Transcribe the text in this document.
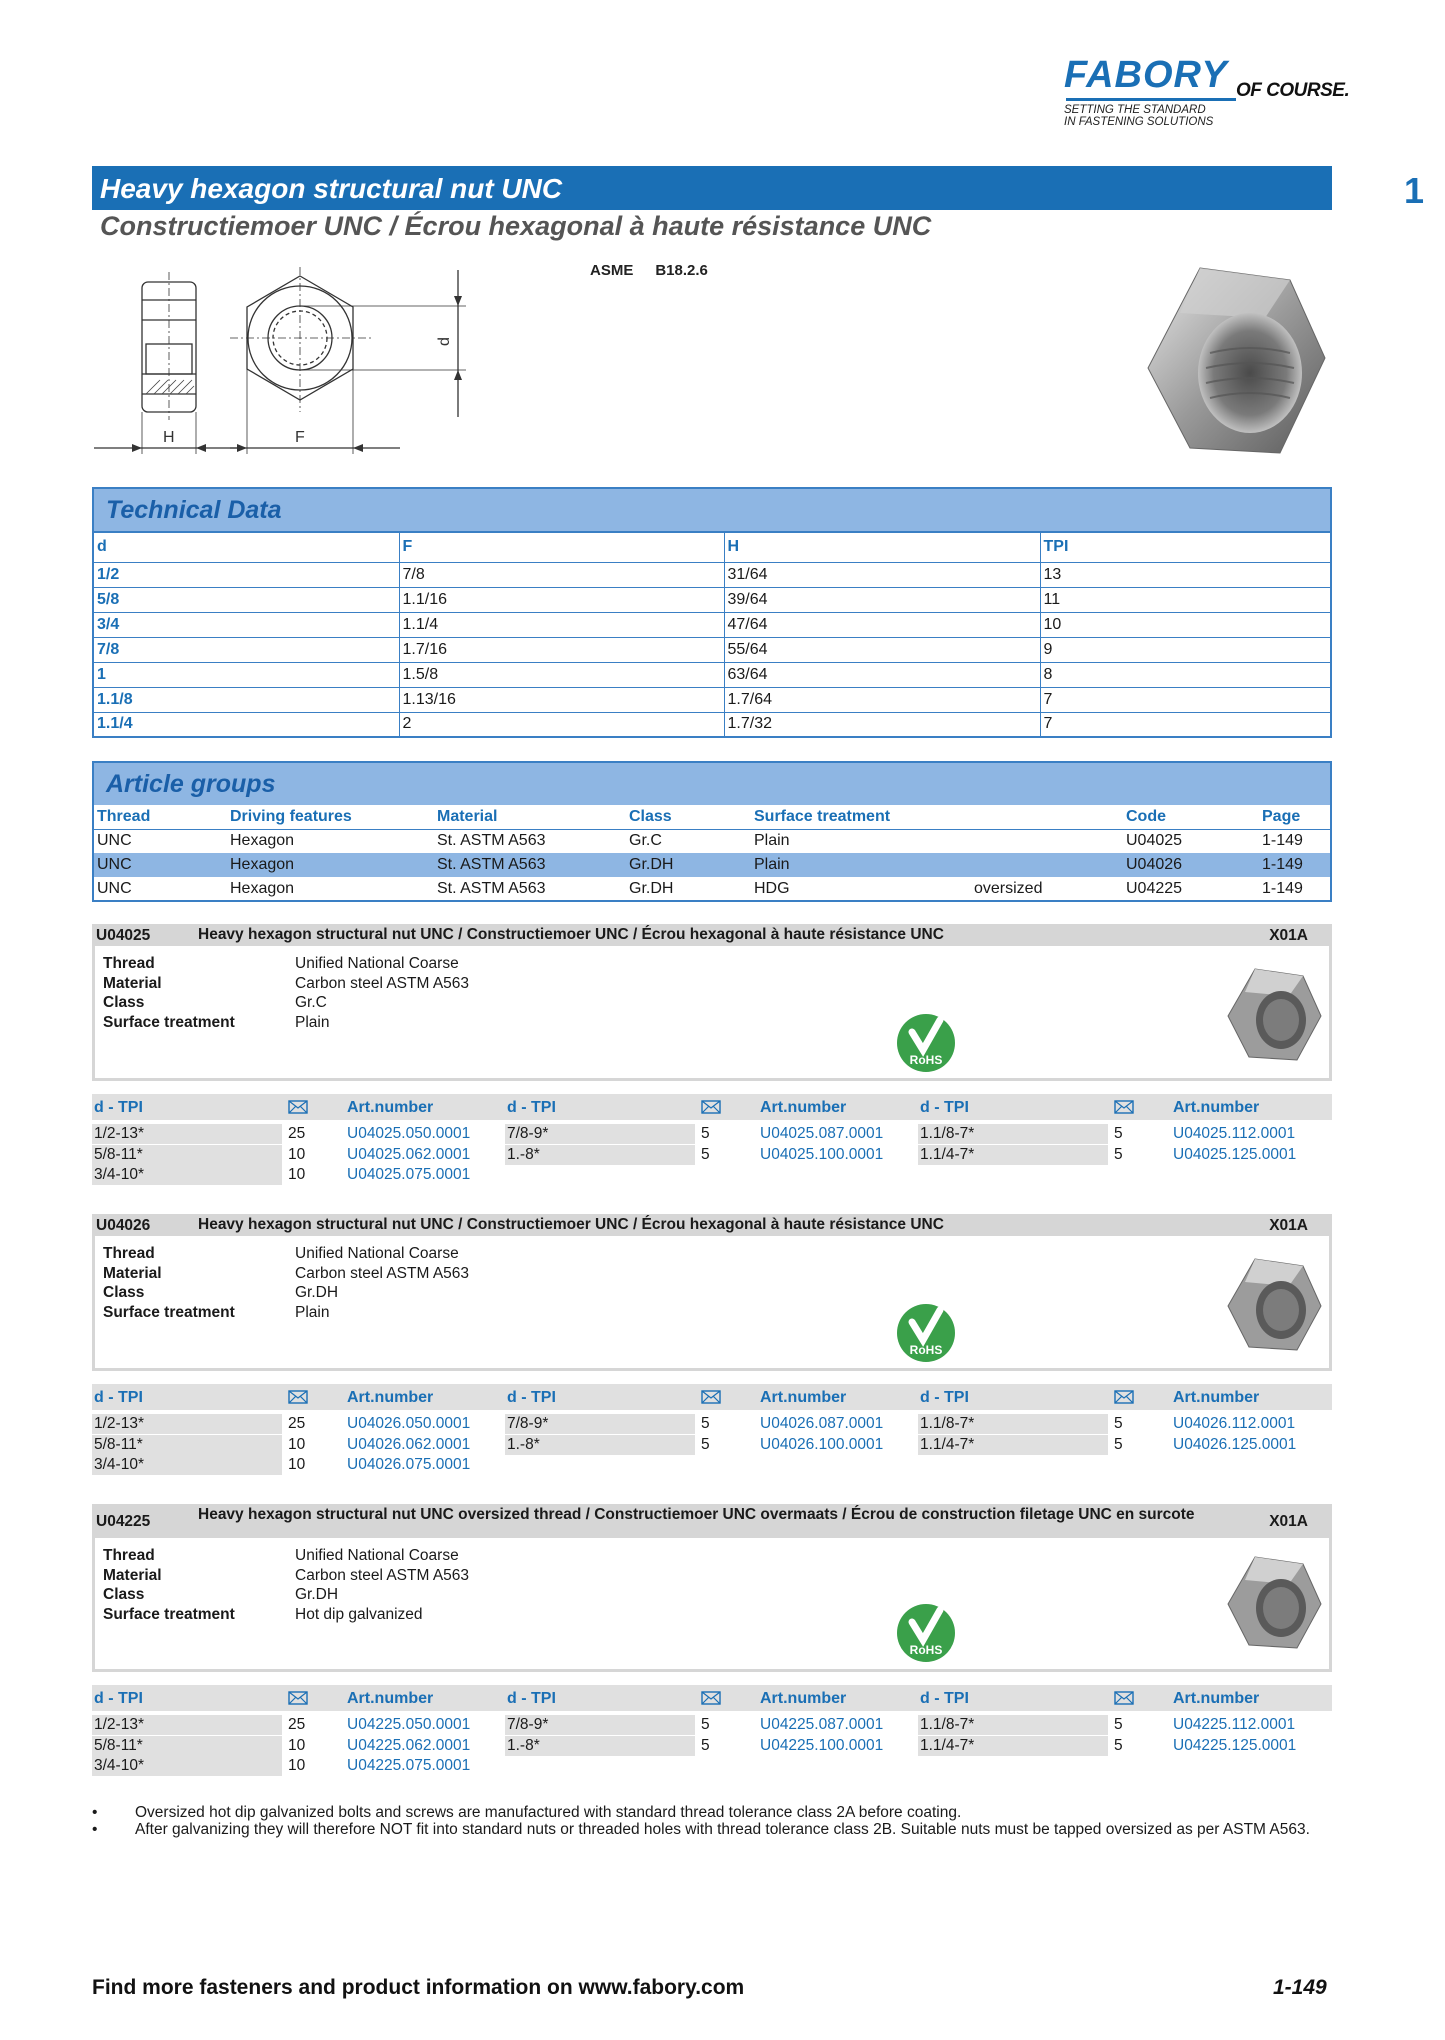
FABORY OF COURSE.
SETTING THE STANDARD
IN FASTENING SOLUTIONS
1
Heavy hexagon structural nut UNC
Constructiemoer UNC / Écrou hexagonal à haute résistance UNC
ASME B18.2.6
H	F
d
Technical Data
d	F	H	TPI
1/2	7/8	31/64	13
5/8	1.1/16	39/64	11
3/4	1.1/4	47/64	10
7/8	1.7/16	55/64	9
1	1.5/8	63/64	8
1.1/8	1.13/16	1.7/64	7
1.1/4	2	1.7/32	7
Article groups
Thread	Driving features	Material	Class	Surface treatment		Code	Page
UNC	Hexagon	St. ASTM A563	Gr.C	Plain		U04025	1-149
UNC	Hexagon	St. ASTM A563	Gr.DH	Plain		U04026	1-149
UNC	Hexagon	St. ASTM A563	Gr.DH	HDG	oversized	U04225	1-149
U04025	Heavy hexagon structural nut UNC / Constructiemoer UNC / Écrou hexagonal à haute résistance UNC	X01A
Thread	Unified National Coarse
Material	Carbon steel ASTM A563
Class	Gr.C
Surface treatment	Plain
RoHS
d - TPI	Art.number	d - TPI	Art.number	d - TPI	Art.number
1/2-13*	25	U04025.050.0001
5/8-11*	10	U04025.062.0001
3/4-10*	10	U04025.075.0001
7/8-9*	5	U04025.087.0001
1.-8*	5	U04025.100.0001
1.1/8-7*	5	U04025.112.0001
1.1/4-7*	5	U04025.125.0001
U04026	Heavy hexagon structural nut UNC / Constructiemoer UNC / Écrou hexagonal à haute résistance UNC	X01A
Thread	Unified National Coarse
Material	Carbon steel ASTM A563
Class	Gr.DH
Surface treatment	Plain
RoHS
d - TPI	Art.number	d - TPI	Art.number	d - TPI	Art.number
1/2-13*	25	U04026.050.0001
5/8-11*	10	U04026.062.0001
3/4-10*	10	U04026.075.0001
7/8-9*	5	U04026.087.0001
1.-8*	5	U04026.100.0001
1.1/8-7*	5	U04026.112.0001
1.1/4-7*	5	U04026.125.0001
U04225	Heavy hexagon structural nut UNC oversized thread / Constructiemoer UNC overmaats / Écrou de construction filetage UNC en surcote	X01A
Thread	Unified National Coarse
Material	Carbon steel ASTM A563
Class	Gr.DH
Surface treatment	Hot dip galvanized
RoHS
d - TPI	Art.number	d - TPI	Art.number	d - TPI	Art.number
1/2-13*	25	U04225.050.0001
5/8-11*	10	U04225.062.0001
3/4-10*	10	U04225.075.0001
7/8-9*	5	U04225.087.0001
1.-8*	5	U04225.100.0001
1.1/8-7*	5	U04225.112.0001
1.1/4-7*	5	U04225.125.0001
• Oversized hot dip galvanized bolts and screws are manufactured with standard thread tolerance class 2A before coating.
• After galvanizing they will therefore NOT fit into standard nuts or threaded holes with thread tolerance class 2B. Suitable nuts must be tapped oversized as per ASTM A563.
Find more fasteners and product information on www.fabory.com	1-149
